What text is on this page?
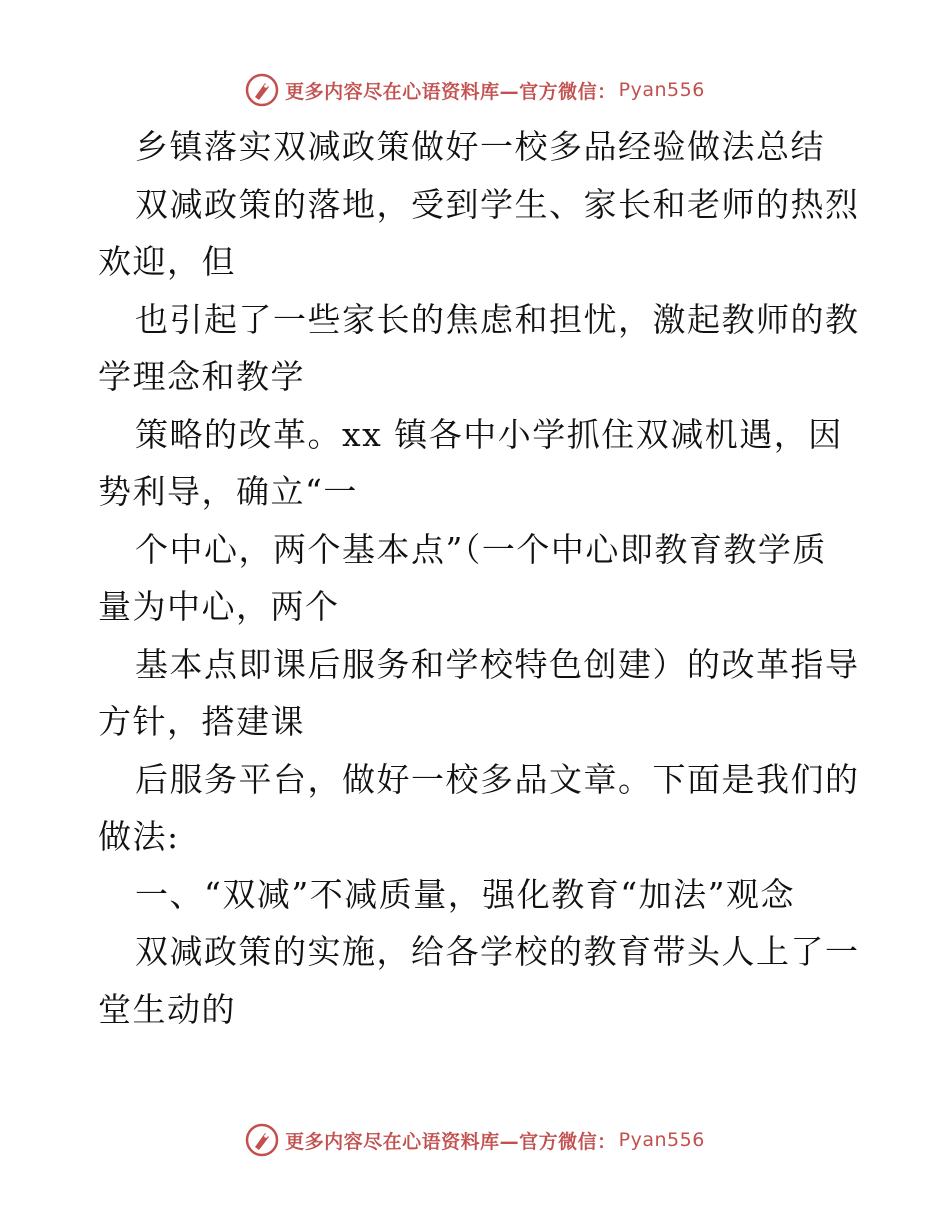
更多内容尽在心语资料库—官方微信： Pyan556
乡镇落实双减政策做好一校多品经验做法总结
双减政策的落地，受到学生、家长和老师的热烈
欢迎，但
也引起了一些家长的焦虑和担忧，激起教师的教
学理念和教学
策略的改革。xx 镇各中小学抓住双减机遇，因
势利导，确立“一
个中心，两个基本点”（一个中心即教育教学质
量为中心，两个
基本点即课后服务和学校特色创建）的改革指导
方针，搭建课
后服务平台，做好一校多品文章。下面是我们的
做法:
一、“双减”不减质量，强化教育“加法”观念
双减政策的实施，给各学校的教育带头人上了一
堂生动的
更多内容尽在心语资料库—官方微信： Pyan556
